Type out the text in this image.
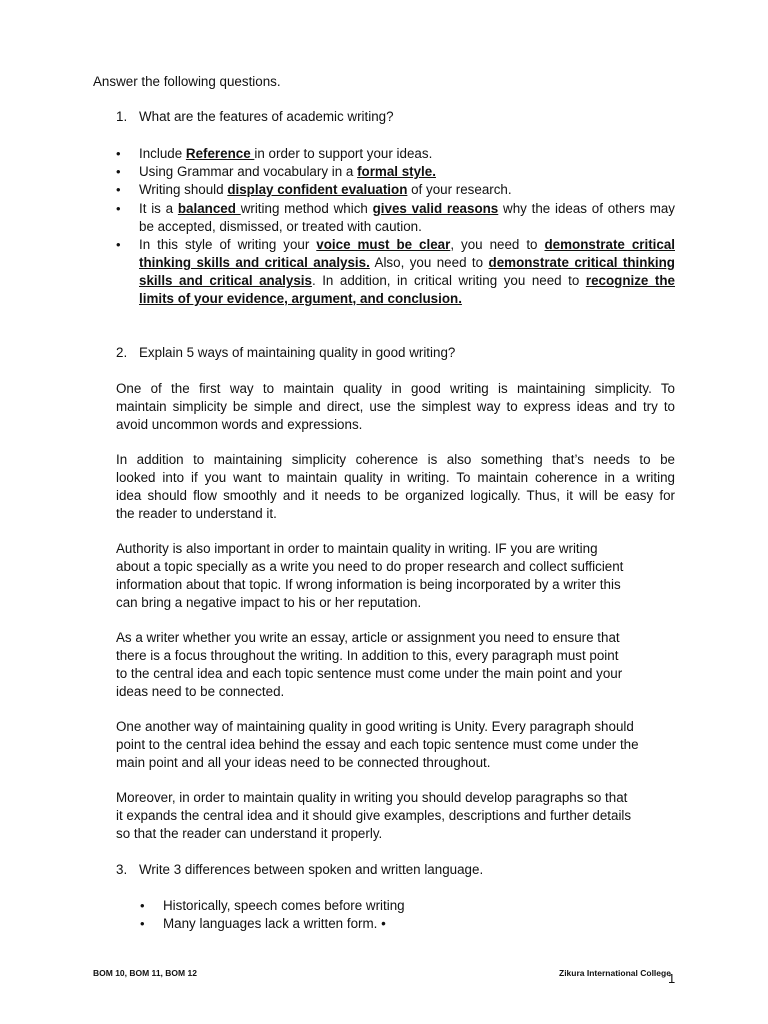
Answer the following questions.
1. What are the features of academic writing?
• Include Reference in order to support your ideas.
• Using Grammar and vocabulary in a formal style.
• Writing should display confident evaluation of your research.
• It is a balanced writing method which gives valid reasons why the ideas of others may
be accepted, dismissed, or treated with caution.
• In this style of writing your voice must be clear, you need to demonstrate critical
thinking skills and critical analysis. Also, you need to demonstrate critical thinking
skills and critical analysis. In addition, in critical writing you need to recognize the
limits of your evidence, argument, and conclusion.
2. Explain 5 ways of maintaining quality in good writing?
One of the first way to maintain quality in good writing is maintaining simplicity. To
maintain simplicity be simple and direct, use the simplest way to express ideas and try to
avoid uncommon words and expressions.
In addition to maintaining simplicity coherence is also something that’s needs to be
looked into if you want to maintain quality in writing. To maintain coherence in a writing
idea should flow smoothly and it needs to be organized logically. Thus, it will be easy for
the reader to understand it.
Authority is also important in order to maintain quality in writing. IF you are writing
about a topic specially as a write you need to do proper research and collect sufficient
information about that topic. If wrong information is being incorporated by a writer this
can bring a negative impact to his or her reputation.
As a writer whether you write an essay, article or assignment you need to ensure that
there is a focus throughout the writing. In addition to this, every paragraph must point
to the central idea and each topic sentence must come under the main point and your
ideas need to be connected.
One another way of maintaining quality in good writing is Unity. Every paragraph should
point to the central idea behind the essay and each topic sentence must come under the
main point and all your ideas need to be connected throughout.
Moreover, in order to maintain quality in writing you should develop paragraphs so that
it expands the central idea and it should give examples, descriptions and further details
so that the reader can understand it properly.
3. Write 3 differences between spoken and written language.
• Historically, speech comes before writing
• Many languages lack a written form. •
BOM 10, BOM 11, BOM 12	Zikura International College
1
